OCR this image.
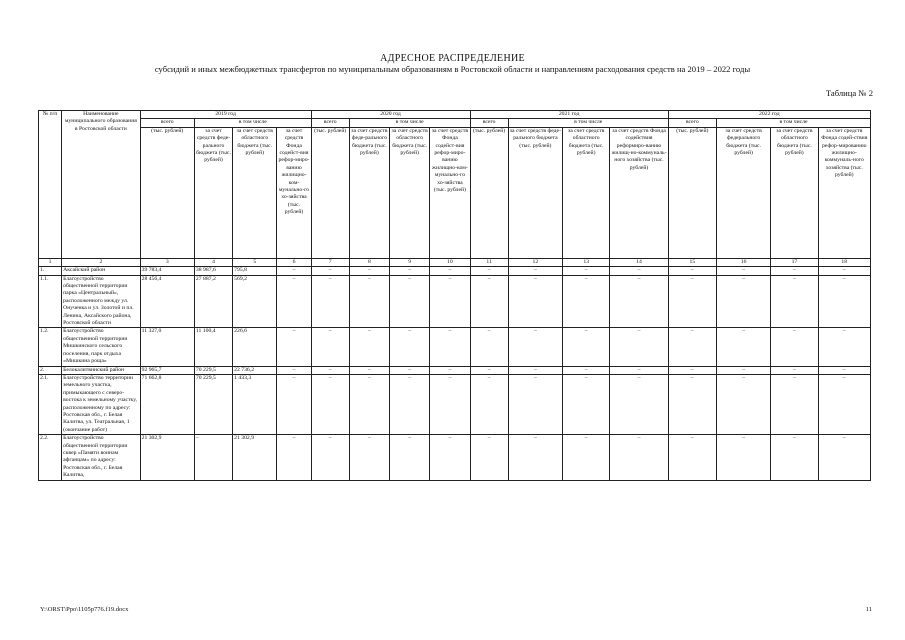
АДРЕСНОЕ РАСПРЕДЕЛЕНИЕ
субсидий и иных межбюджетных трансфертов по муниципальным образованиям в Ростовской области и направлениям расходования средств на 2019 – 2022 годы
Таблица № 2
№ п/п	Наименование муниципального образования в Ростовской области	2019 год				2020 год				2021 год				2022 год			
		всего	в том числе			всего	в том числе			всего	в том числе			всего	в том числе		
		(тыс. рублей)	за счет средств феде-рального бюджета (тыс. рублей)	за счет средств областного бюджета (тыс. рублей)	за счет средств Фонда содейст-вия рефор-миро-ванию жилищно-ком-мунально-го хо-зяйства (тыс. рублей)	(тыс. рублей)	за счет средств феде-рального бюджета (тыс. рублей)	за счет средств областного бюджета (тыс. рублей)	за счет средств Фонда содейст-вия рефор-миро-ванию жилищно-ком-мунально-го хо-зяйства (тыс. рублей)	(тыс. рублей)	за счет средств феде-рального бюджета (тыс. рублей)	за счет средств областного бюджета (тыс. рублей)	за счет средств Фонда содействия реформиро-ванию жилищ-но-коммуналь-ного хозяйства (тыс. рублей)	(тыс. рублей)	за счет средств федерального бюджета (тыс. рублей)	за счет средств областного бюджета (тыс. рублей)	за счет средств Фонда содей-ствия рефор-мированию жилищно-коммуналь-ного хозяйства (тыс. рублей)
1	2	3	4	5	6	7	8	9	10	11	12	13	14	15	16	17	18
1.	Аксайский район	39 783,4	38 987,6	795,8	–	–	–	–	–	–	–	–	–	–	–	–	–
1.1.	Благоустройство общественной территории парка «Центральный», расположенного между ул. Онученка и ул. Золотой и пл. Ленина, Аксайского района, Ростовской области	28 456,4	27 887,2	569,2	–	–	–	–	–	–	–	–	–	–	–	–	–
1.2.	Благоустройство общественной территории Мишкинского сельского поселения, парк отдыха «Мишкина роща»	11 327,0	11 100,4	226,6	–	–	–	–	–	–	–	–	–	–	–	–	–
2.	Белокалитвинский район	92 965,7	70 229,5	22 736,2	–	–	–	–	–	–	–	–	–	–	–	–	–
2.1.	Благоустройство территории земельного участка, примыкающего с северо-востока к земельному участку, расположенному по адресу: Ростовская обл., г. Белая Калитва, ул. Театральная, 1 (окончание работ)	71 662,8	70 229,5	1 433,3	–	–	–	–	–	–	–	–	–	–	–	–	–
2.2.	Благоустройство общественной территории сквер «Памяти воинам афганцам» по адресу: Ростовская обл., г. Белая Калитва,	21 302,9	–	21 302,9	–	–	–	–	–	–	–	–	–	–	–	–	–
Y:\ORST\Ppo\1105p776.f19.docx	11
